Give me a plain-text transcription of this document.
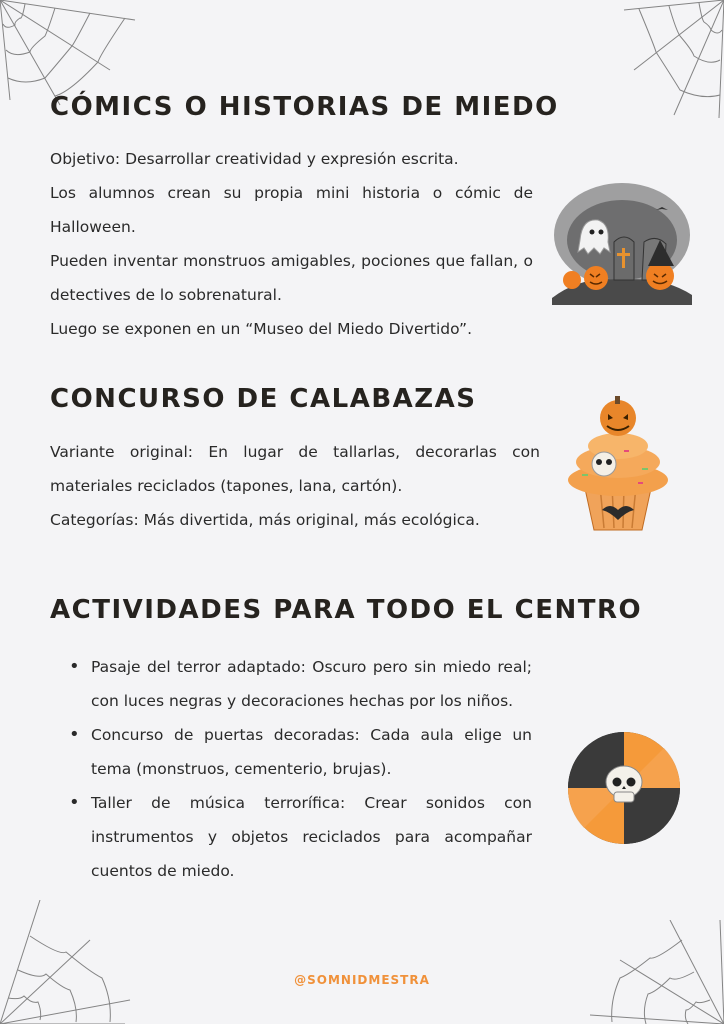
CÓMICS O HISTORIAS DE MIEDO

Objetivo: Desarrollar creatividad y expresión escrita.

Los alumnos crean su propia mini historia o cómic de Halloween.

Pueden inventar monstruos amigables, pociones que fallan, o detectives de lo sobrenatural.

Luego se exponen en un “Museo del Miedo Divertido”.

CONCURSO DE CALABAZAS

Variante original: En lugar de tallarlas, decorarlas con materiales reciclados (tapones, lana, cartón).

Categorías: Más divertida, más original, más ecológica.

ACTIVIDADES PARA TODO EL CENTRO
• Pasaje del terror adaptado: Oscuro pero sin miedo real; con luces negras y decoraciones hechas por los niños.
• Concurso de puertas decoradas: Cada aula elige un tema (monstruos, cementerio, brujas).
• Taller de música terrorífica: Crear sonidos con instrumentos y objetos reciclados para acompañar cuentos de miedo.
@SOMNIDMESTRA
